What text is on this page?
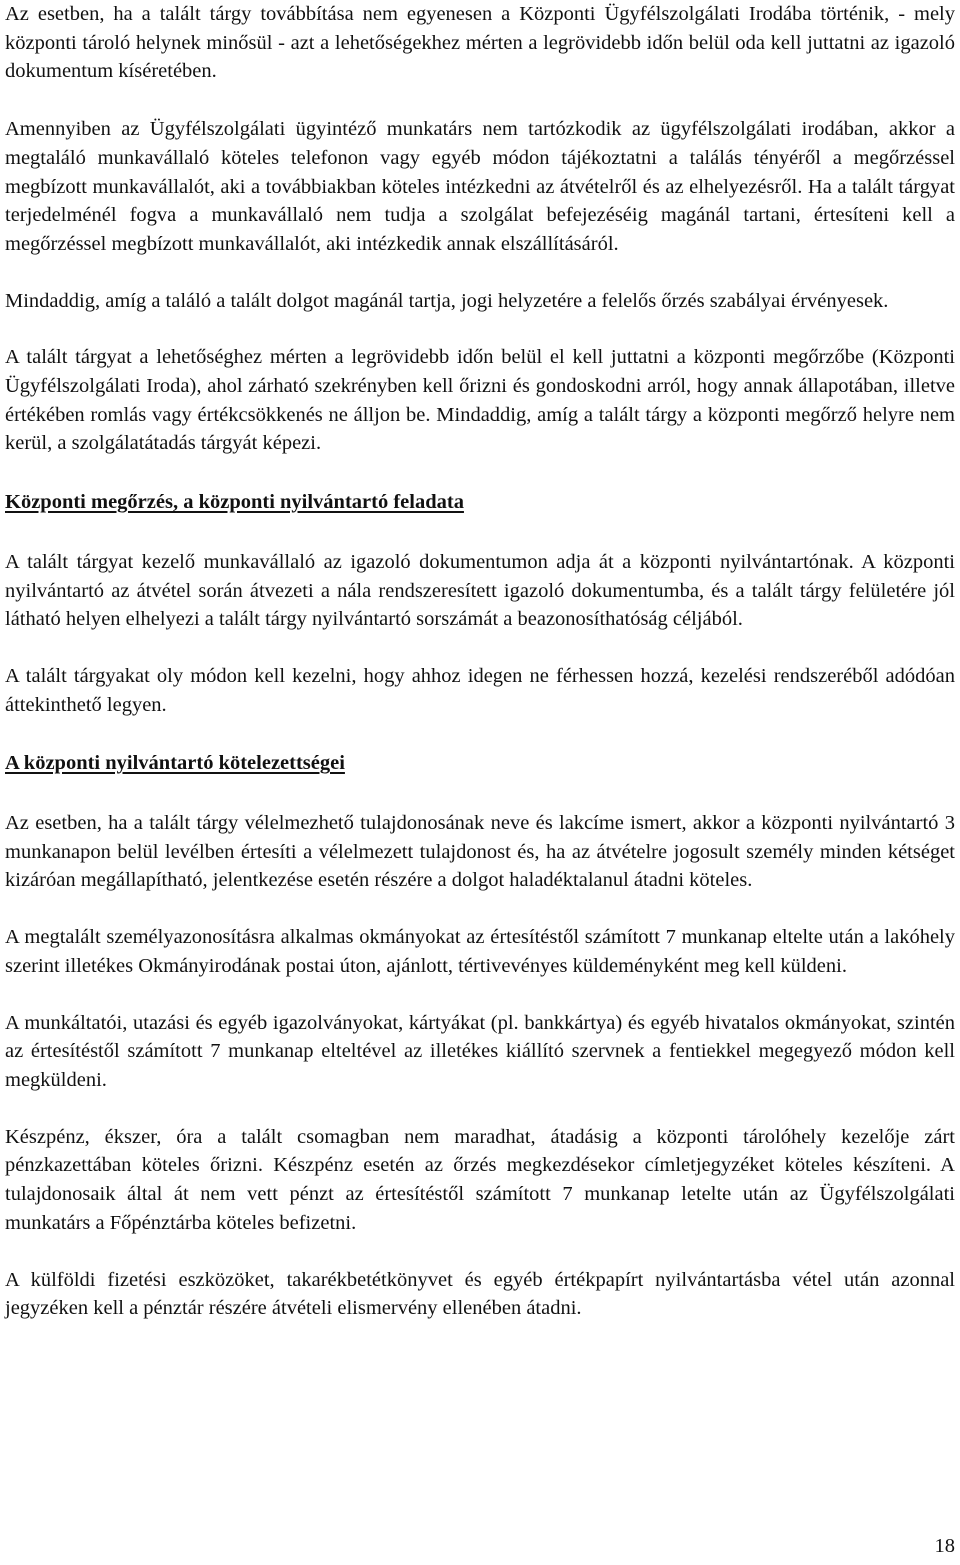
Az esetben, ha a talált tárgy továbbítása nem egyenesen a Központi Ügyfélszolgálati Irodába történik, - mely központi tároló helynek minősül - azt a lehetőségekhez mérten a legrövidebb időn belül oda kell juttatni az igazoló dokumentum kíséretében.

Amennyiben az Ügyfélszolgálati ügyintéző munkatárs nem tartózkodik az ügyfélszolgálati irodában, akkor a megtaláló munkavállaló köteles telefonon vagy egyéb módon tájékoztatni a találás tényéről a megőrzéssel megbízott munkavállalót, aki a továbbiakban köteles intézkedni az átvételről és az elhelyezésről. Ha a talált tárgyat terjedelménél fogva a munkavállaló nem tudja a szolgálat befejezéséig magánál tartani, értesíteni kell a megőrzéssel megbízott munkavállalót, aki intézkedik annak elszállításáról.

Mindaddig, amíg a találó a talált dolgot magánál tartja, jogi helyzetére a felelős őrzés szabályai érvényesek.

A talált tárgyat a lehetőséghez mérten a legrövidebb időn belül el kell juttatni a központi megőrzőbe (Központi Ügyfélszolgálati Iroda), ahol zárható szekrényben kell őrizni és gondoskodni arról, hogy annak állapotában, illetve értékében romlás vagy értékcsökkenés ne álljon be. Mindaddig, amíg a talált tárgy a központi megőrző helyre nem kerül, a szolgálatátadás tárgyát képezi.

Központi megőrzés, a központi nyilvántartó feladata

A talált tárgyat kezelő munkavállaló az igazoló dokumentumon adja át a központi nyilvántartónak. A központi nyilvántartó az átvétel során átvezeti a nála rendszeresített igazoló dokumentumba, és a talált tárgy felületére jól látható helyen elhelyezi a talált tárgy nyilvántartó sorszámát a beazonosíthatóság céljából.

A talált tárgyakat oly módon kell kezelni, hogy ahhoz idegen ne férhessen hozzá, kezelési rendszeréből adódóan áttekinthető legyen.

A központi nyilvántartó kötelezettségei

Az esetben, ha a talált tárgy vélelmezhető tulajdonosának neve és lakcíme ismert, akkor a központi nyilvántartó 3 munkanapon belül levélben értesíti a vélelmezett tulajdonost és, ha az átvételre jogosult személy minden kétséget kizáróan megállapítható, jelentkezése esetén részére a dolgot haladéktalanul átadni köteles.

A megtalált személyazonosításra alkalmas okmányokat az értesítéstől számított 7 munkanap elteltе után a lakóhely szerint illetékes Okmányirodának postai úton, ajánlott, tértivevényes küldeményként meg kell küldeni.

A munkáltatói, utazási és egyéb igazolványokat, kártyákat (pl. bankkártya) és egyéb hivatalos okmányokat, szintén az értesítéstől számított 7 munkanap elteltével az illetékes kiállító szervnek a fentiekkel megegyező módon kell megküldeni.

Készpénz, ékszer, óra a talált csomagban nem maradhat, átadásig a központi tárolóhely kezelője zárt pénzkazettában köteles őrizni. Készpénz esetén az őrzés megkezdésekor címletjegyzéket köteles készíteni. A tulajdonosaik által át nem vett pénzt az értesítéstől számított 7 munkanap letelte után az Ügyfélszolgálati munkatárs a Főpénztárba köteles befizetni.

A külföldi fizetési eszközöket, takarékbetétkönyvet és egyéb értékpapírt nyilvántartásba vétel után azonnal jegyzéken kell a pénztár részére átvételi elismervény ellenében átadni.

18
